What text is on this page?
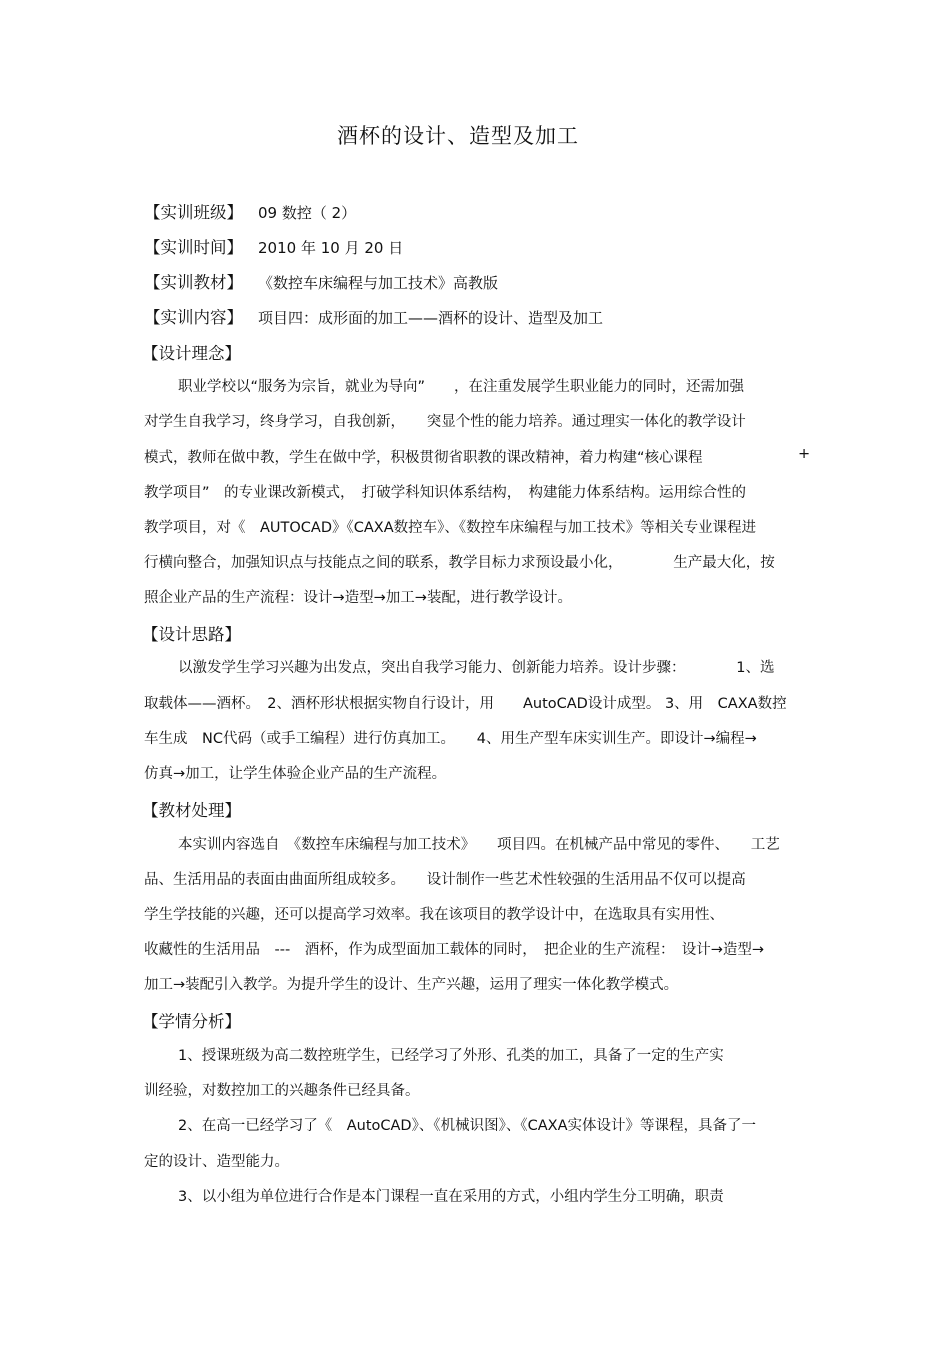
酒杯的设计、造型及加工
【实训班级】 09 数控（ 2）
【实训时间】 2010 年 10 月 20 日
【实训教材】 《数控车床编程与加工技术》高教版
【实训内容】 项目四：成形面的加工——酒杯的设计、造型及加工
【设计理念】
职业学校以“服务为宗旨，就业为导向”　　，在注重发展学生职业能力的同时，还需加强
对学生自我学习，终身学习，自我创新，　　突显个性的能力培养。通过理实一体化的教学设计
模式，教师在做中教，学生在做中学，积极贯彻省职教的课改精神，着力构建“核心课程	+
教学项目”　的专业课改新模式，　打破学科知识体系结构，　构建能力体系结构。运用综合性的
教学项目，对《　AUTOCAD》《CAXA数控车》、《数控车床编程与加工技术》等相关专业课程进
行横向整合，加强知识点与技能点之间的联系，教学目标力求预设最小化，　　　　生产最大化，按
照企业产品的生产流程：设计→造型→加工→装配，进行教学设计。
【设计思路】
以激发学生学习兴趣为出发点，突出自我学习能力、创新能力培养。设计步骤：　　　　1、选
取载体——酒杯。　2、酒杯形状根据实物自行设计，用　　AutoCAD设计成型。 3、用　CAXA数控
车生成　NC代码（或手工编程）进行仿真加工。　　4、用生产型车床实训生产。即设计→编程→
仿真→加工，让学生体验企业产品的生产流程。
【教材处理】
本实训内容选自　《数控车床编程与加工技术》　　项目四。在机械产品中常见的零件、　　工艺
品、生活用品的表面由曲面所组成较多。　　设计制作一些艺术性较强的生活用品不仅可以提高
学生学技能的兴趣，还可以提高学习效率。我在该项目的教学设计中，在选取具有实用性、
收藏性的生活用品　---　酒杯，作为成型面加工载体的同时，　把企业的生产流程：　设计→造型→
加工→装配引入教学。为提升学生的设计、生产兴趣，运用了理实一体化教学模式。
【学情分析】
1、授课班级为高二数控班学生，已经学习了外形、孔类的加工，具备了一定的生产实
训经验，对数控加工的兴趣条件已经具备。
2、在高一已经学习了《　AutoCAD》、《机械识图》、《CAXA实体设计》等课程，具备了一
定的设计、造型能力。
3、以小组为单位进行合作是本门课程一直在采用的方式，小组内学生分工明确，职责
